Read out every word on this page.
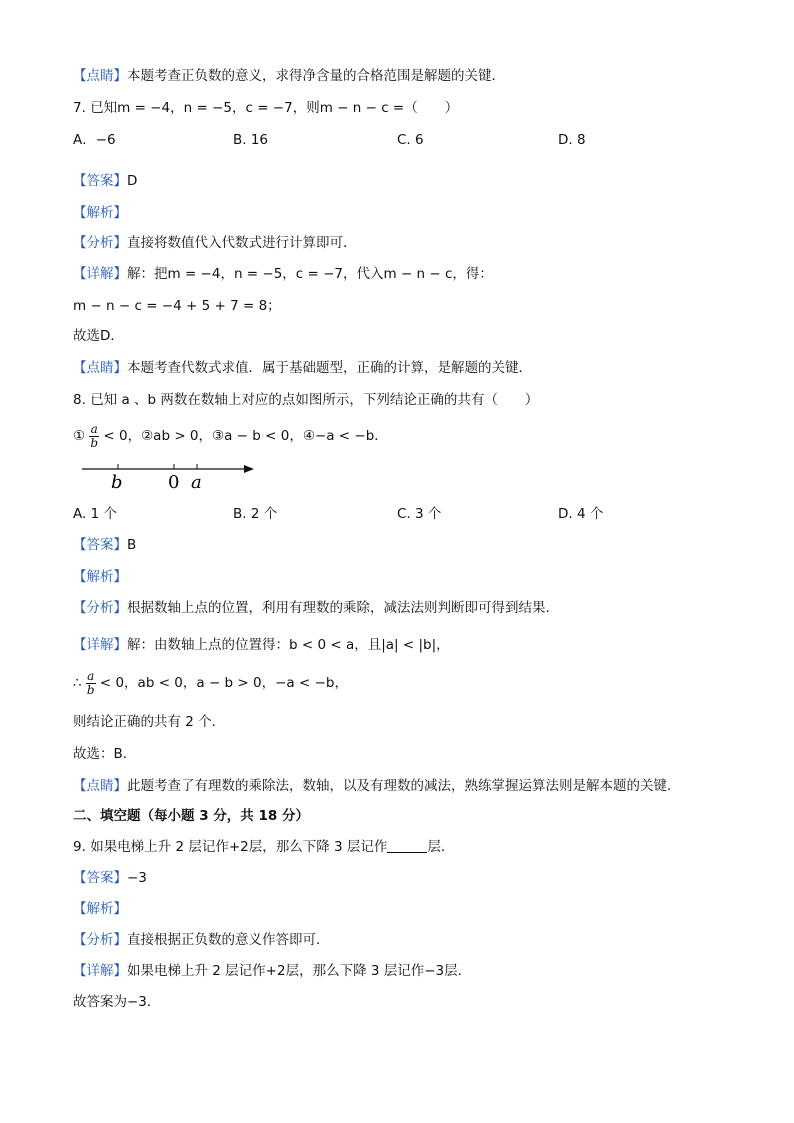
【点睛】本题考查正负数的意义，求得净含量的合格范围是解题的关键．
7. 已知m = −4，n = −5，c = −7，则m − n − c =（　　）
A．−6	B. 16	C. 6	D. 8
【答案】D
【解析】
【分析】直接将数值代入代数式进行计算即可．
【详解】解：把m = −4，n = −5，c = −7，代入m − n − c，得：
m − n − c = −4 + 5 + 7 = 8；
故选D．
【点睛】本题考查代数式求值．属于基础题型，正确的计算，是解题的关键．
8. 已知 a 、b 两数在数轴上对应的点如图所示，下列结论正确的共有（　　）
① $\frac{a}{b} < 0$，②ab > 0，③a − b < 0，④−a < −b．
b	0 a
A. 1 个	B. 2 个	C. 3 个	D. 4 个
【答案】B
【解析】
【分析】根据数轴上点的位置，利用有理数的乘除，减法法则判断即可得到结果．
【详解】解：由数轴上点的位置得：b < 0 < a，且|a| < |b|，
∴ $\frac{a}{b} < 0$，ab < 0，a − b > 0，−a < −b，
则结论正确的共有 2 个．
故选：B．
【点睛】此题考查了有理数的乘除法，数轴，以及有理数的减法，熟练掌握运算法则是解本题的关键．
二、填空题（每小题 3 分，共 18 分）
9. 如果电梯上升 2 层记作+2层，那么下降 3 层记作	层．
【答案】−3
【解析】
【分析】直接根据正负数的意义作答即可．
【详解】如果电梯上升 2 层记作+2层，那么下降 3 层记作−3层．
故答案为−3．
